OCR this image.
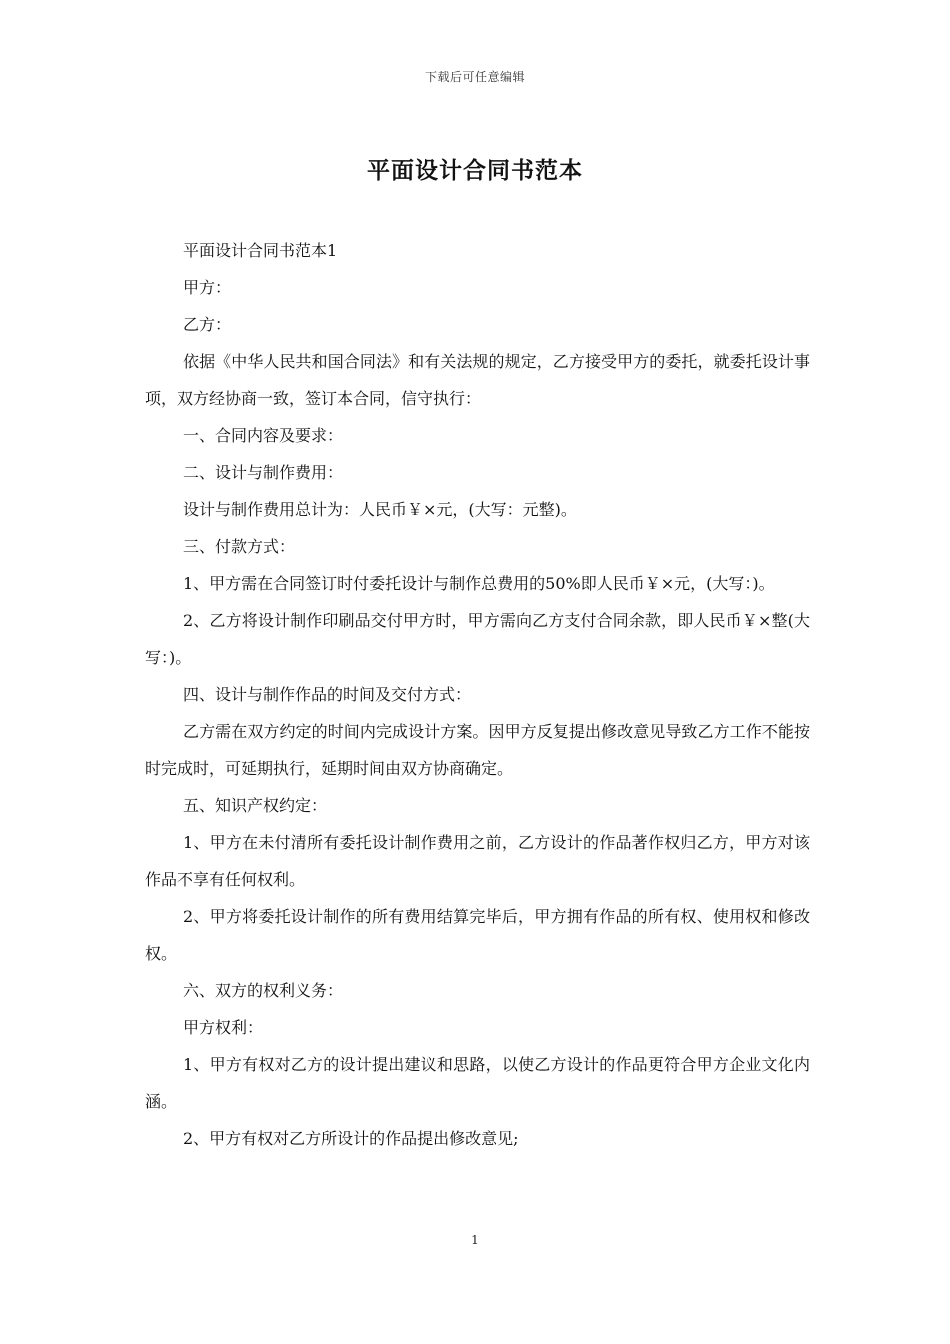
下载后可任意编辑
平面设计合同书范本

平面设计合同书范本1

甲方：

乙方：

依据《中华人民共和国合同法》和有关法规的规定，乙方接受甲方的委托，就委托设计事项，双方经协商一致，签订本合同，信守执行：

一、合同内容及要求：

二、设计与制作费用：

设计与制作费用总计为：人民币￥×元，(大写：元整)。

三、付款方式：

1、甲方需在合同签订时付委托设计与制作总费用的50%即人民币￥×元，(大写：)。

2、乙方将设计制作印刷品交付甲方时，甲方需向乙方支付合同余款，即人民币￥×整(大写：)。

四、设计与制作作品的时间及交付方式：

乙方需在双方约定的时间内完成设计方案。因甲方反复提出修改意见导致乙方工作不能按时完成时，可延期执行，延期时间由双方协商确定。

五、知识产权约定：

1、甲方在未付清所有委托设计制作费用之前，乙方设计的作品著作权归乙方，甲方对该作品不享有任何权利。

2、甲方将委托设计制作的所有费用结算完毕后，甲方拥有作品的所有权、使用权和修改权。

六、双方的权利义务：

甲方权利：

1、甲方有权对乙方的设计提出建议和思路，以使乙方设计的作品更符合甲方企业文化内涵。

2、甲方有权对乙方所设计的作品提出修改意见;

1
